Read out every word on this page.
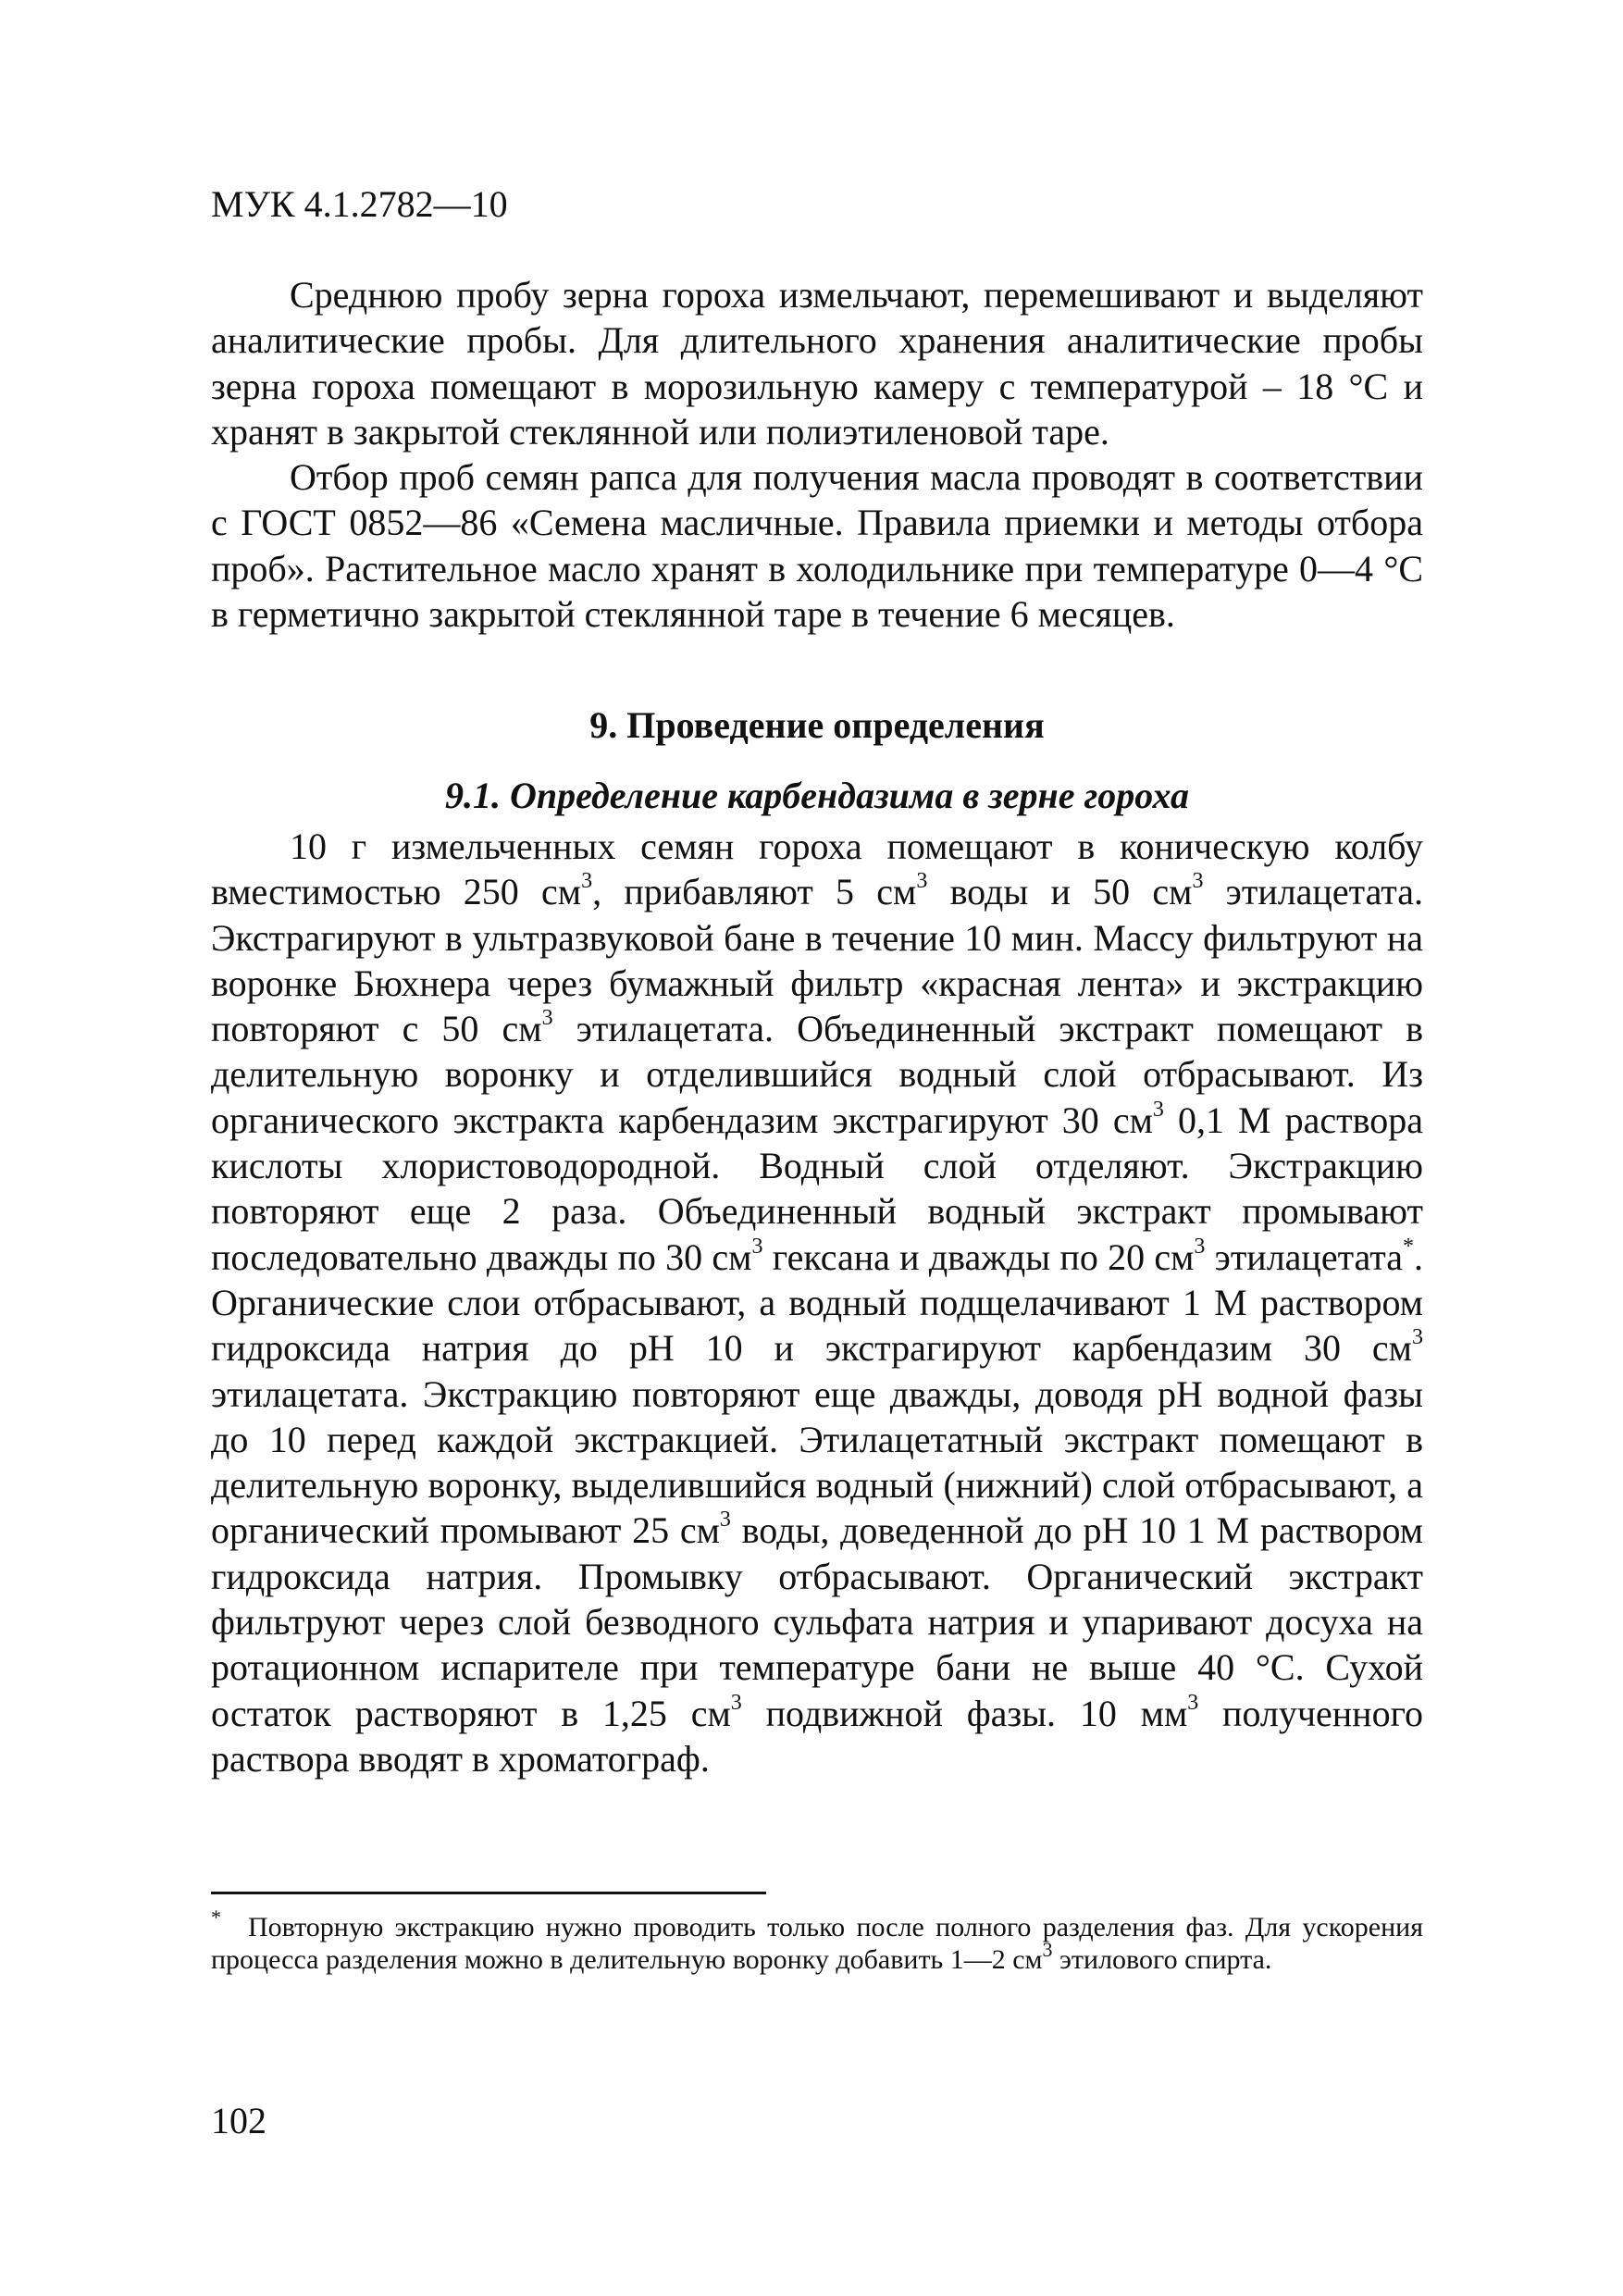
МУК 4.1.2782—10

Среднюю пробу зерна гороха измельчают, перемешивают и выделяют аналитические пробы. Для длительного хранения аналитические пробы зерна гороха помещают в морозильную камеру с температурой – 18 °С и хранят в закрытой стеклянной или полиэтиленовой таре.

Отбор проб семян рапса для получения масла проводят в соответствии с ГОСТ 0852—86 «Семена масличные. Правила приемки и методы отбора проб». Растительное масло хранят в холодильнике при температуре 0—4 °С в герметично закрытой стеклянной таре в течение 6 месяцев.

9. Проведение определения
9.1. Определение карбендазима в зерне гороха

10 г измельченных семян гороха помещают в коническую колбу вместимостью 250 $см^3$, прибавляют 5 $см^3$ воды и 50 $см^3$ этилацетата. Экстрагируют в ультразвуковой бане в течение 10 мин. Массу фильтруют на воронке Бюхнера через бумажный фильтр «красная лента» и экстракцию повторяют с 50 $см^3$ этилацетата. Объединенный экстракт помещают в делительную воронку и отделившийся водный слой отбрасывают. Из органического экстракта карбендазим экстрагируют 30 $см^3$ 0,1 М раствора кислоты хлористоводородной. Водный слой отделяют. Экстракцию повторяют еще 2 раза. Объединенный водный экстракт промывают последовательно дважды по 30 $см^3$ гексана и дважды по 20 $см^3$ этилацетата*. Органические слои отбрасывают, а водный подщелачивают 1 М раствором гидроксида натрия до рН 10 и экстрагируют карбендазим 30 $см^3$ этилацетата. Экстракцию повторяют еще дважды, доводя рН водной фазы до 10 перед каждой экстракцией. Этилацетатный экстракт помещают в делительную воронку, выделившийся водный (нижний) слой отбрасывают, а органический промывают 25 $см^3$ воды, доведенной до рН 10 1 М раствором гидроксида натрия. Промывку отбрасывают. Органический экстракт фильтруют через слой безводного сульфата натрия и упаривают досуха на ротационном испарителе при температуре бани не выше 40 °С. Сухой остаток растворяют в 1,25 $см^3$ подвижной фазы. 10 $мм^3$ полученного раствора вводят в хроматограф.

* Повторную экстракцию нужно проводить только после полного разделения фаз. Для ускорения процесса разделения можно в делительную воронку добавить 1—2 $см^3$ этилового спирта.

102
